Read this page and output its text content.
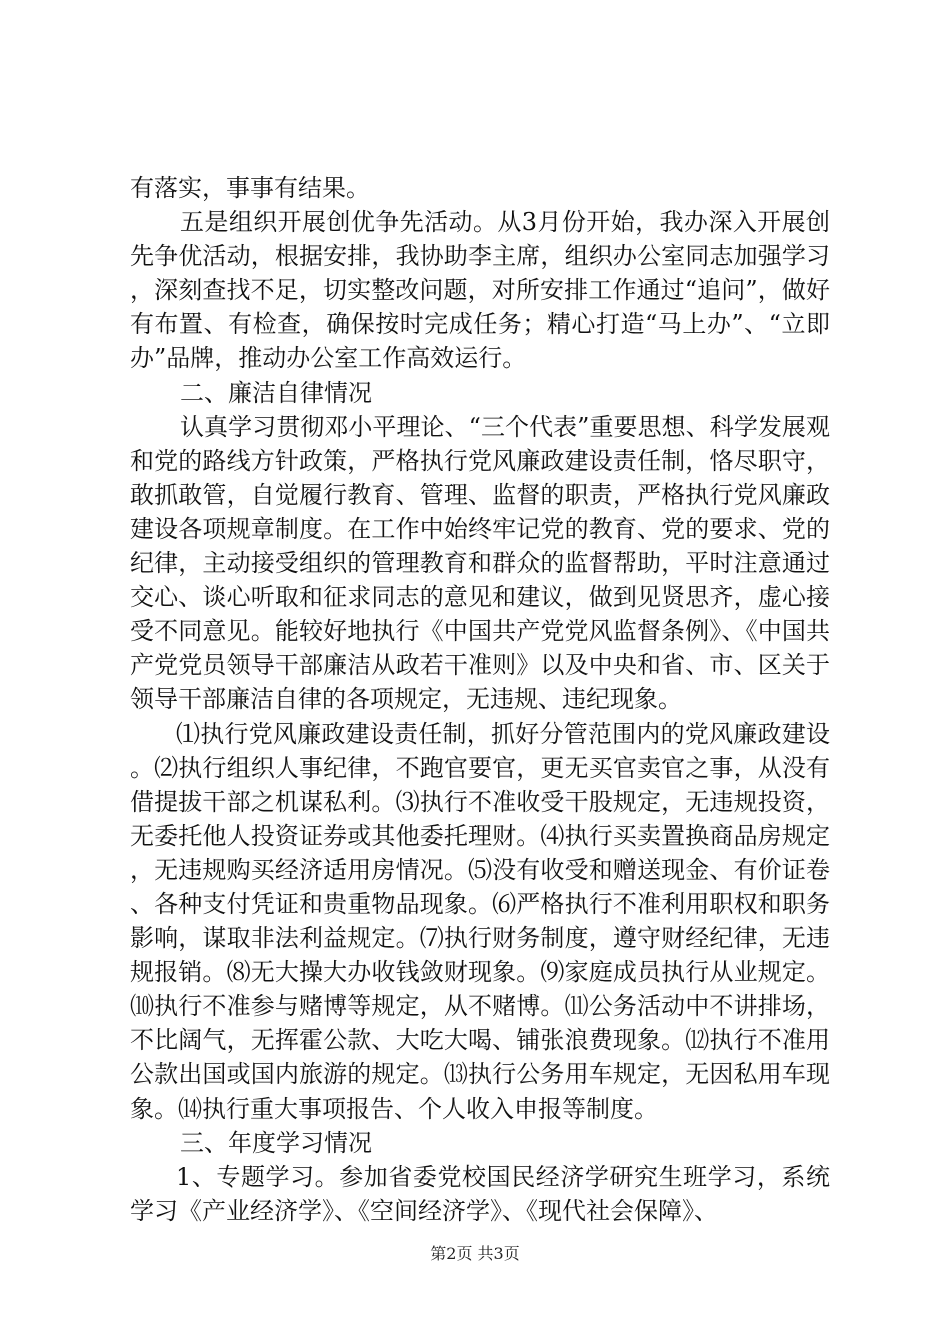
有落实，事事有结果。

五是组织开展创优争先活动。从3月份开始，我办深入开展创先争优活动，根据安排，我协助李主席，组织办公室同志加强学习，深刻查找不足，切实整改问题，对所安排工作通过“追问”，做好有布置、有检查，确保按时完成任务；精心打造“马上办”、“立即办”品牌，推动办公室工作高效运行。

二、廉洁自律情况

认真学习贯彻邓小平理论、“三个代表”重要思想、科学发展观和党的路线方针政策，严格执行党风廉政建设责任制，恪尽职守，敢抓敢管，自觉履行教育、管理、监督的职责，严格执行党风廉政建设各项规章制度。在工作中始终牢记党的教育、党的要求、党的纪律，主动接受组织的管理教育和群众的监督帮助，平时注意通过交心、谈心听取和征求同志的意见和建议，做到见贤思齐，虚心接受不同意见。能较好地执行《中国共产党党风监督条例》、《中国共产党党员领导干部廉洁从政若干准则》以及中央和省、市、区关于领导干部廉洁自律的各项规定，无违规、违纪现象。

⑴执行党风廉政建设责任制，抓好分管范围内的党风廉政建设。⑵执行组织人事纪律，不跑官要官，更无买官卖官之事，从没有借提拔干部之机谋私利。⑶执行不准收受干股规定，无违规投资，无委托他人投资证券或其他委托理财。⑷执行买卖置换商品房规定，无违规购买经济适用房情况。⑸没有收受和赠送现金、有价证卷、各种支付凭证和贵重物品现象。⑹严格执行不准利用职权和职务影响，谋取非法利益规定。⑺执行财务制度，遵守财经纪律，无违规报销。⑻无大操大办收钱敛财现象。⑼家庭成员执行从业规定。⑽执行不准参与赌博等规定，从不赌博。⑾公务活动中不讲排场，不比阔气，无挥霍公款、大吃大喝、铺张浪费现象。⑿执行不准用公款出国或国内旅游的规定。⒀执行公务用车规定，无因私用车现象。⒁执行重大事项报告、个人收入申报等制度。

三、年度学习情况

1、专题学习。参加省委党校国民经济学研究生班学习，系统学习《产业经济学》、《空间经济学》、《现代社会保障》、

第2页 共3页
